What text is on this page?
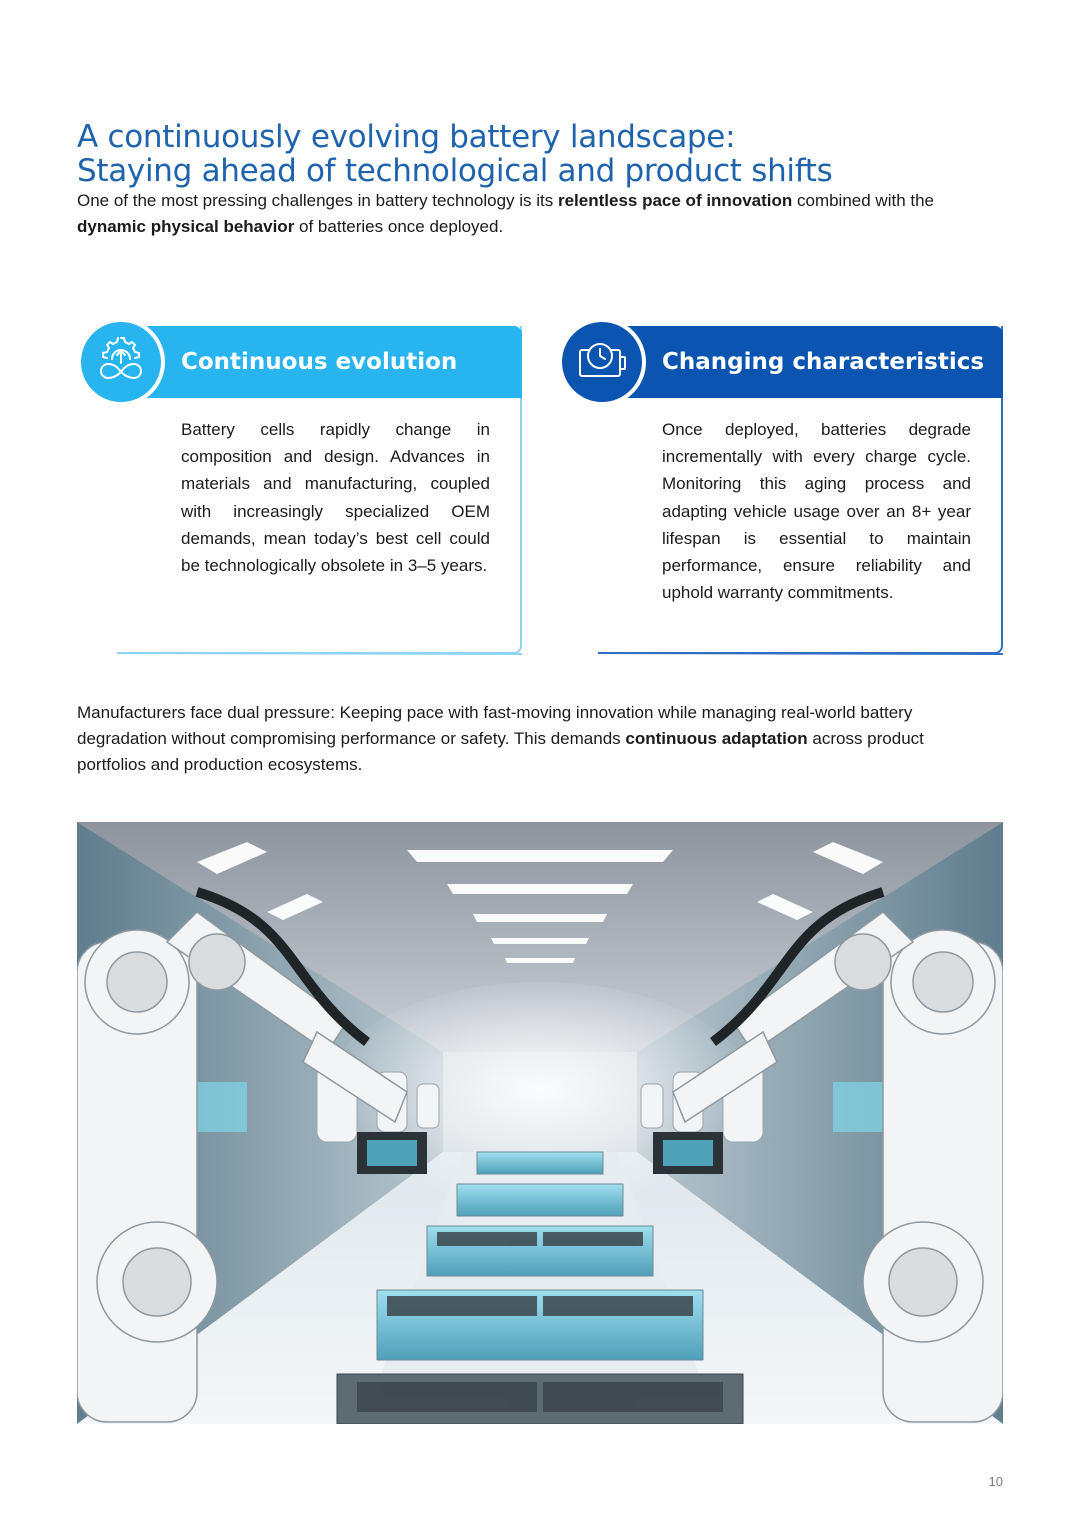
A continuously evolving battery landscape:
Staying ahead of technological and product shifts

One of the most pressing challenges in battery technology is its relentless pace of innovation combined with the dynamic physical behavior of batteries once deployed.

Continuous evolution

Battery cells rapidly change in composition and design. Advances in materials and manufacturing, coupled with increasingly specialized OEM demands, mean today’s best cell could be technologically obsolete in 3–5 years.

Changing characteristics

Once deployed, batteries degrade incrementally with every charge cycle. Monitoring this aging process and adapting vehicle usage over an 8+ year lifespan is essential to maintain performance, ensure reliability and uphold warranty commitments.

Manufacturers face dual pressure: Keeping pace with fast-moving innovation while managing real-world battery degradation without compromising performance or safety. This demands continuous adaptation across product portfolios and production ecosystems.

10
